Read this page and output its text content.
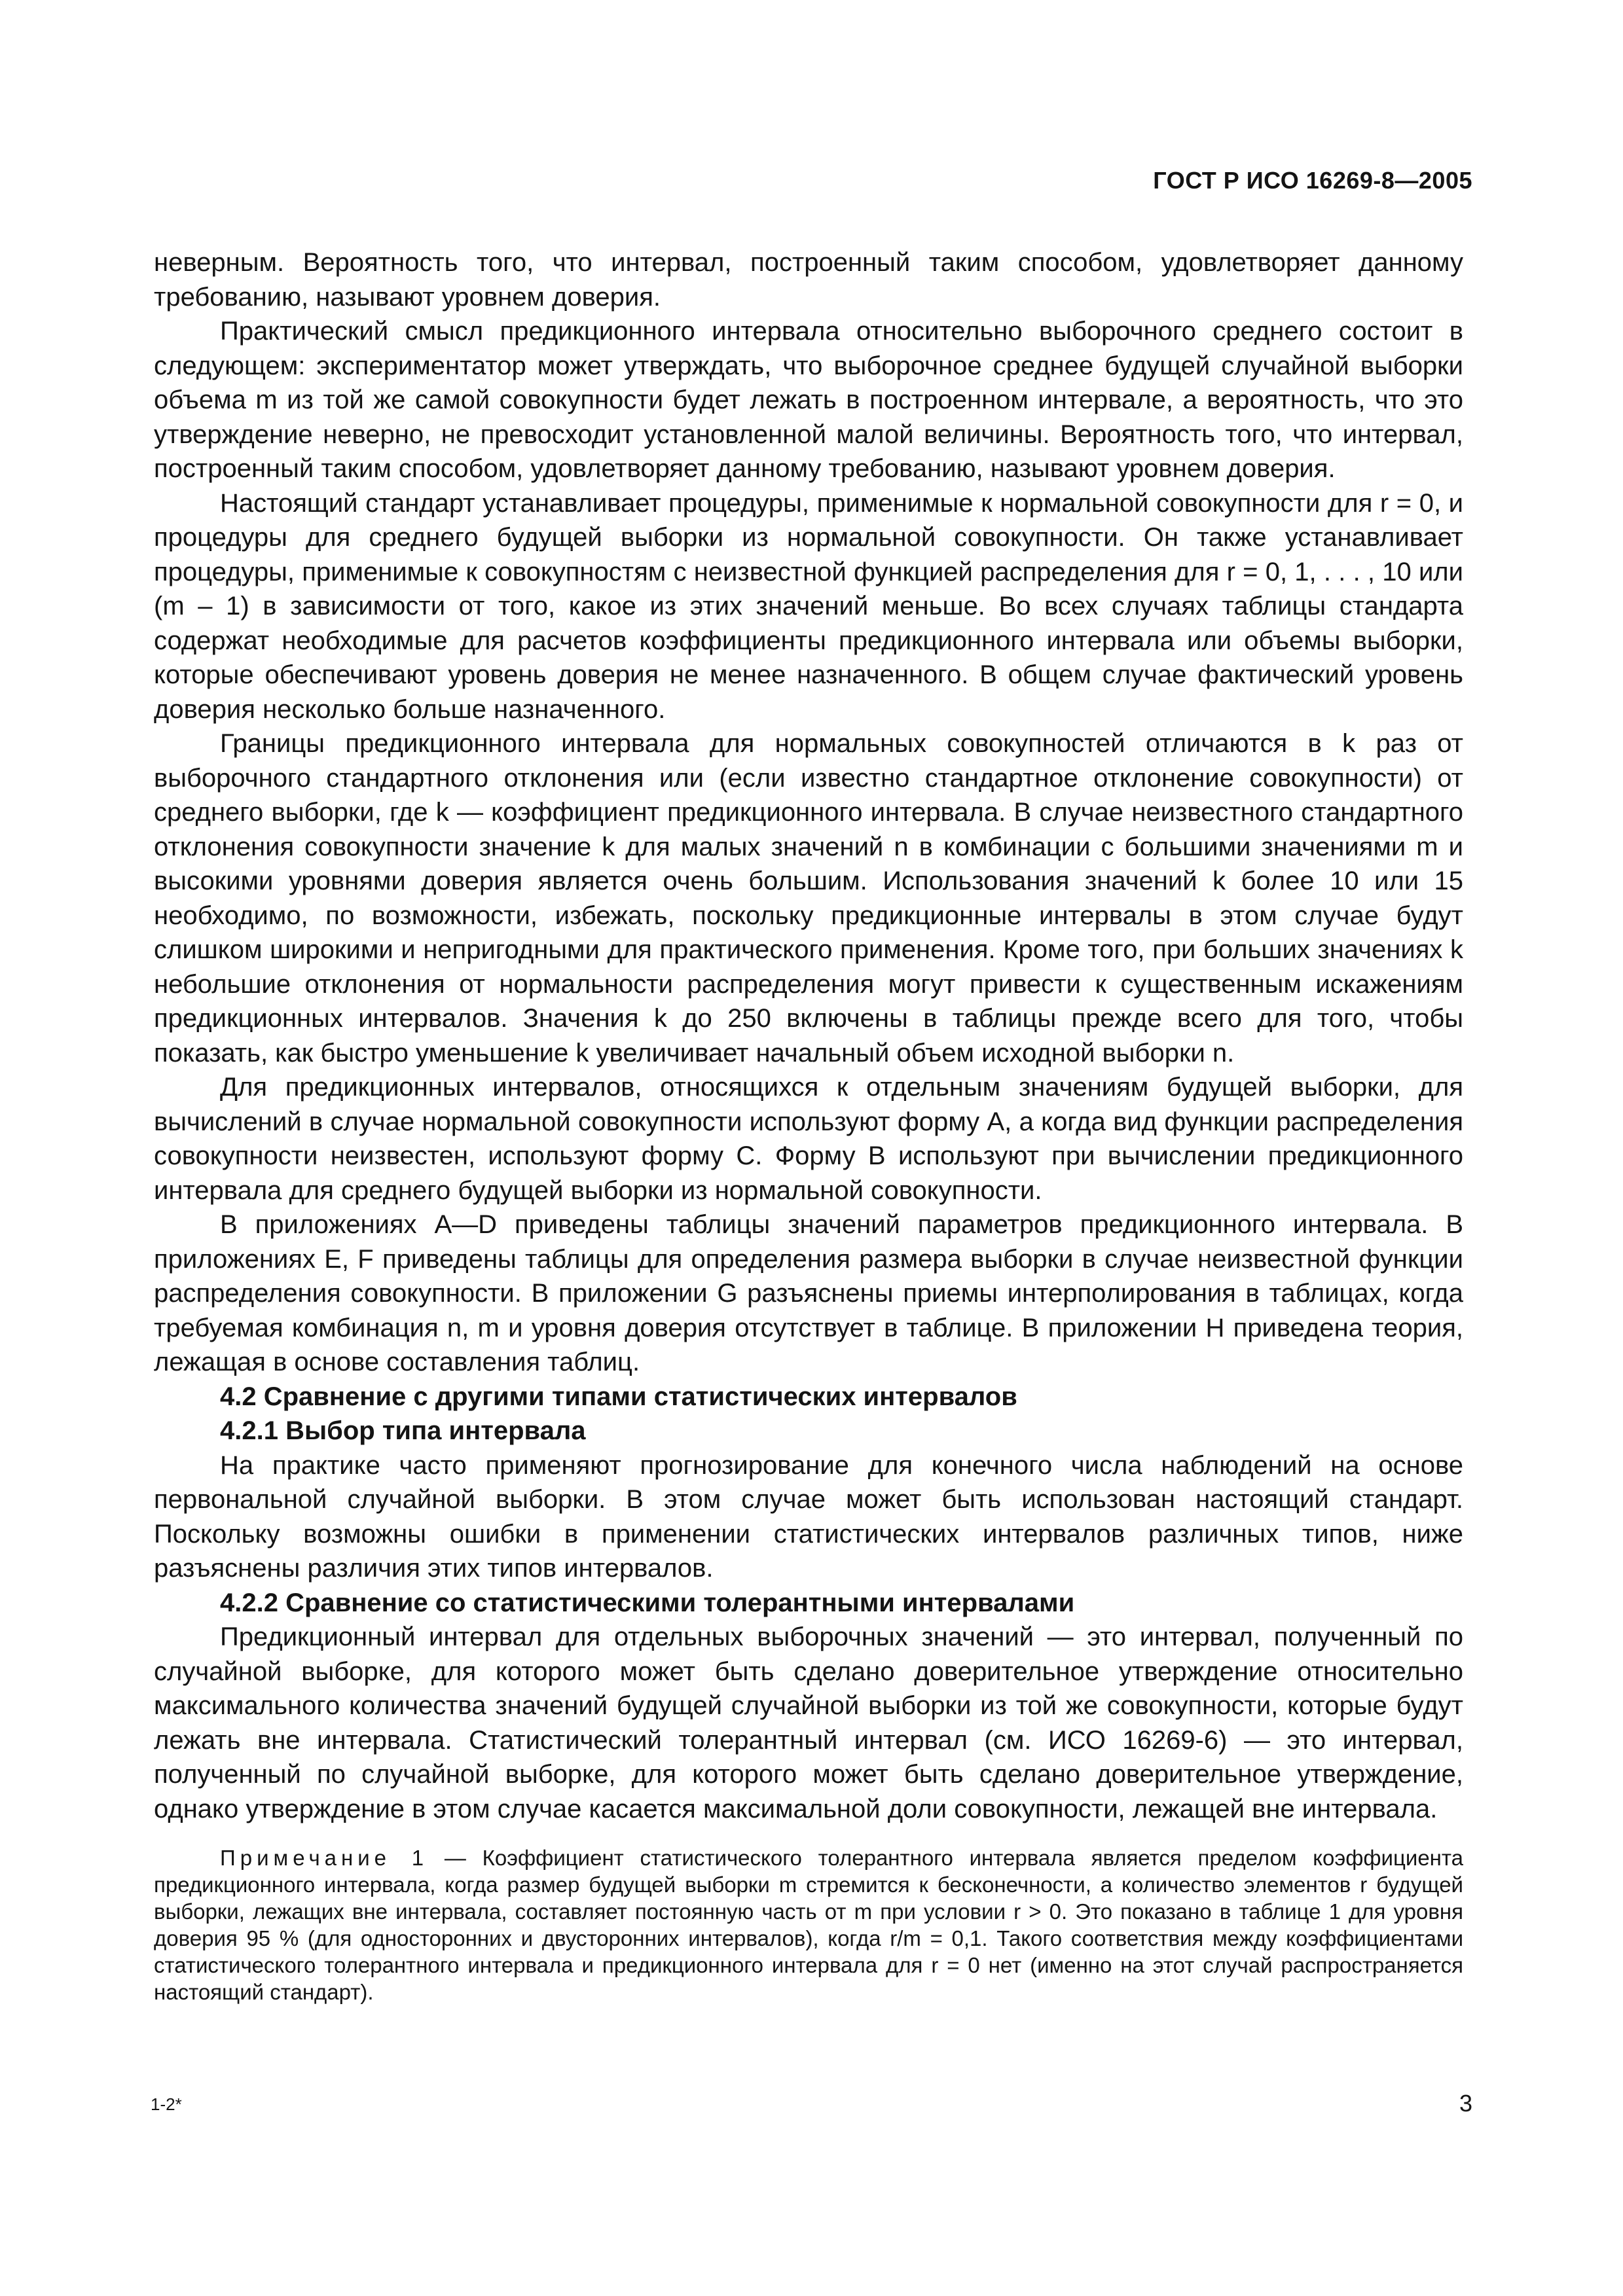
ГОСТ Р ИСО 16269-8—2005

неверным. Вероятность того, что интервал, построенный таким способом, удовлетворяет данному требованию, называют уровнем доверия.

Практический смысл предикционного интервала относительно выборочного среднего состоит в следующем: экспериментатор может утверждать, что выборочное среднее будущей случайной выборки объема m из той же самой совокупности будет лежать в построенном интервале, а вероятность, что это утверждение неверно, не превосходит установленной малой величины. Вероятность того, что интервал, построенный таким способом, удовлетворяет данному требованию, называют уровнем доверия.

Настоящий стандарт устанавливает процедуры, применимые к нормальной совокупности для r = 0, и процедуры для среднего будущей выборки из нормальной совокупности. Он также устанавливает процедуры, применимые к совокупностям с неизвестной функцией распределения для r = 0, 1, . . . , 10 или (m – 1) в зависимости от того, какое из этих значений меньше. Во всех случаях таблицы стандарта содержат необходимые для расчетов коэффициенты предикционного интервала или объемы выборки, которые обеспечивают уровень доверия не менее назначенного. В общем случае фактический уровень доверия несколько больше назначенного.

Границы предикционного интервала для нормальных совокупностей отличаются в k раз от выборочного стандартного отклонения или (если известно стандартное отклонение совокупности) от среднего выборки, где k — коэффициент предикционного интервала. В случае неизвестного стандартного отклонения совокупности значение k для малых значений n в комбинации с большими значениями m и высокими уровнями доверия является очень большим. Использования значений k более 10 или 15 необходимо, по возможности, избежать, поскольку предикционные интервалы в этом случае будут слишком широкими и непригодными для практического применения. Кроме того, при больших значениях k небольшие отклонения от нормальности распределения могут привести к существенным искажениям предикционных интервалов. Значения k до 250 включены в таблицы прежде всего для того, чтобы показать, как быстро уменьшение k увеличивает начальный объем исходной выборки n.

Для предикционных интервалов, относящихся к отдельным значениям будущей выборки, для вычислений в случае нормальной совокупности используют форму А, а когда вид функции распределения совокупности неизвестен, используют форму С. Форму В используют при вычислении предикционного интервала для среднего будущей выборки из нормальной совокупности.

В приложениях A—D приведены таблицы значений параметров предикционного интервала. В приложениях Е, F приведены таблицы для определения размера выборки в случае неизвестной функции распределения совокупности. В приложении G разъяснены приемы интерполирования в таблицах, когда требуемая комбинация n, m и уровня доверия отсутствует в таблице. В приложении Н приведена теория, лежащая в основе составления таблиц.

4.2 Сравнение с другими типами статистических интервалов
4.2.1 Выбор типа интервала

На практике часто применяют прогнозирование для конечного числа наблюдений на основе первональной случайной выборки. В этом случае может быть использован настоящий стандарт. Поскольку возможны ошибки в применении статистических интервалов различных типов, ниже разъяснены различия этих типов интервалов.

4.2.2 Сравнение со статистическими толерантными интервалами

Предикционный интервал для отдельных выборочных значений — это интервал, полученный по случайной выборке, для которого может быть сделано доверительное утверждение относительно максимального количества значений будущей случайной выборки из той же совокупности, которые будут лежать вне интервала. Статистический толерантный интервал (см. ИСО 16269-6) — это интервал, полученный по случайной выборке, для которого может быть сделано доверительное утверждение, однако утверждение в этом случае касается максимальной доли совокупности, лежащей вне интервала.

Примечание 1 — Коэффициент статистического толерантного интервала является пределом коэффициента предикционного интервала, когда размер будущей выборки m стремится к бесконечности, а количество элементов r будущей выборки, лежащих вне интервала, составляет постоянную часть от m при условии r > 0. Это показано в таблице 1 для уровня доверия 95 % (для односторонних и двусторонних интервалов), когда r/m = 0,1. Такого соответствия между коэффициентами статистического толерантного интервала и предикционного интервала для r = 0 нет (именно на этот случай распространяется настоящий стандарт).
1-2*	3
